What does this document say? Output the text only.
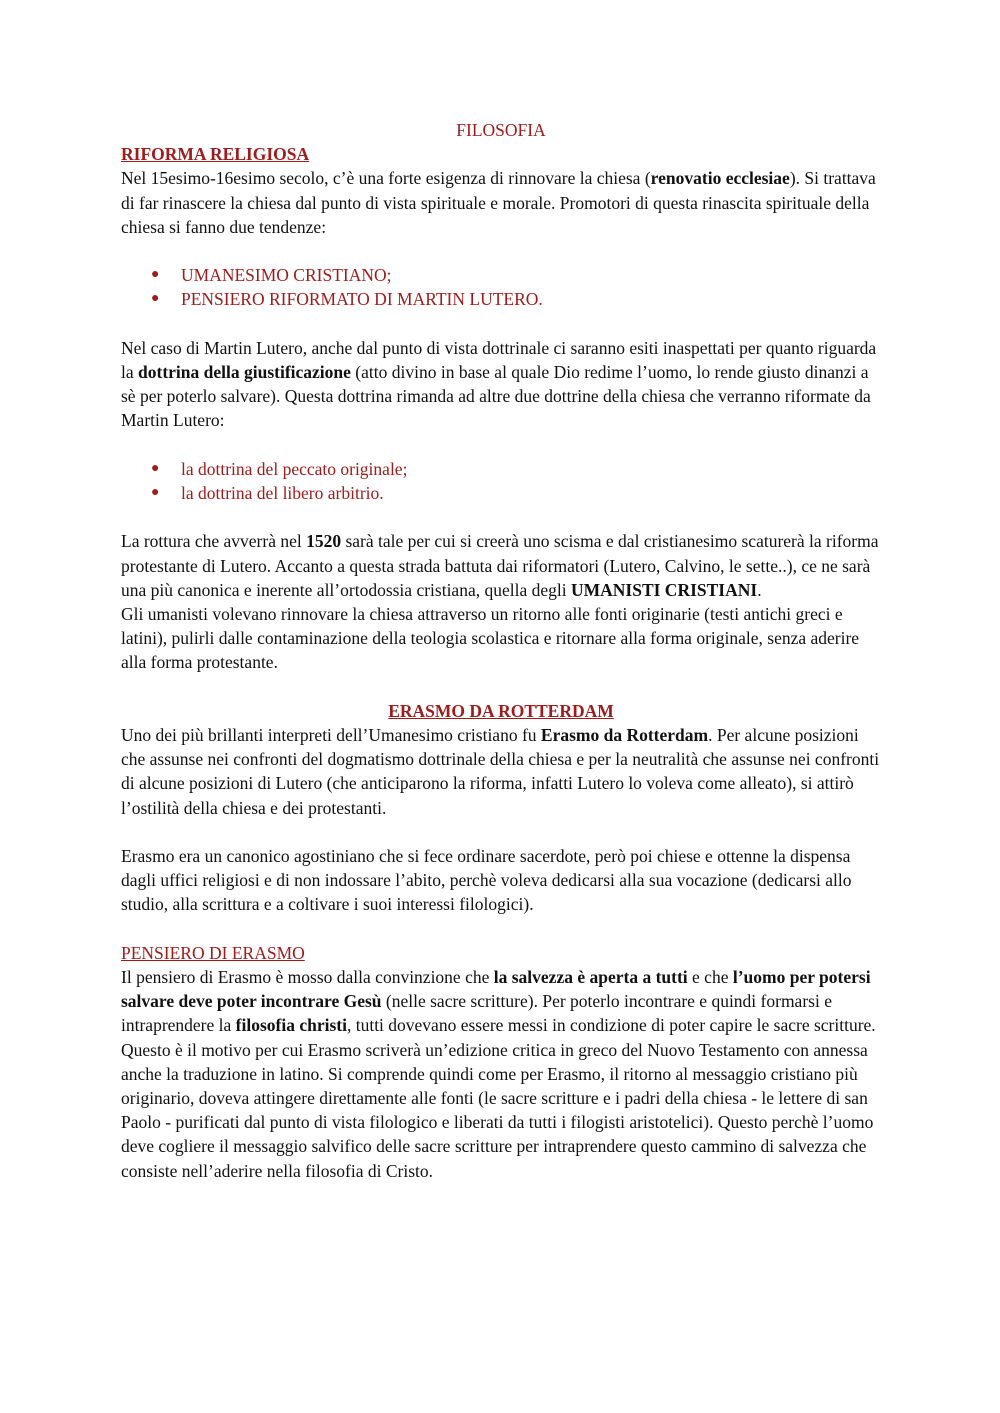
FILOSOFIA

RIFORMA RELIGIOSA

Nel 15esimo-16esimo secolo, c’è una forte esigenza di rinnovare la chiesa (renovatio ecclesiae). Si trattava di far rinascere la chiesa dal punto di vista spirituale e morale. Promotori di questa rinascita spirituale della chiesa si fanno due tendenze:

● UMANESIMO CRISTIANO;
● PENSIERO RIFORMATO DI MARTIN LUTERO.

Nel caso di Martin Lutero, anche dal punto di vista dottrinale ci saranno esiti inaspettati per quanto riguarda la dottrina della giustificazione (atto divino in base al quale Dio redime l’uomo, lo rende giusto dinanzi a sè per poterlo salvare). Questa dottrina rimanda ad altre due dottrine della chiesa che verranno riformate da Martin Lutero:

● la dottrina del peccato originale;
● la dottrina del libero arbitrio.

La rottura che avverrà nel 1520 sarà tale per cui si creerà uno scisma e dal cristianesimo scaturerà la riforma protestante di Lutero. Accanto a questa strada battuta dai riformatori (Lutero, Calvino, le sette..), ce ne sarà una più canonica e inerente all’ortodossia cristiana, quella degli UMANISTI CRISTIANI.

Gli umanisti volevano rinnovare la chiesa attraverso un ritorno alle fonti originarie (testi antichi greci e latini), pulirli dalle contaminazione della teologia scolastica e ritornare alla forma originale, senza aderire alla forma protestante.

ERASMO DA ROTTERDAM

Uno dei più brillanti interpreti dell’Umanesimo cristiano fu Erasmo da Rotterdam. Per alcune posizioni che assunse nei confronti del dogmatismo dottrinale della chiesa e per la neutralità che assunse nei confronti di alcune posizioni di Lutero (che anticiparono la riforma, infatti Lutero lo voleva come alleato), si attirò l’ostilità della chiesa e dei protestanti.

Erasmo era un canonico agostiniano che si fece ordinare sacerdote, però poi chiese e ottenne la dispensa dagli uffici religiosi e di non indossare l’abito, perchè voleva dedicarsi alla sua vocazione (dedicarsi allo studio, alla scrittura e a coltivare i suoi interessi filologici).

PENSIERO DI ERASMO

Il pensiero di Erasmo è mosso dalla convinzione che la salvezza è aperta a tutti e che l’uomo per potersi salvare deve poter incontrare Gesù (nelle sacre scritture). Per poterlo incontrare e quindi formarsi e intraprendere la filosofia christi, tutti dovevano essere messi in condizione di poter capire le sacre scritture. Questo è il motivo per cui Erasmo scriverà un’edizione critica in greco del Nuovo Testamento con annessa anche la traduzione in latino. Si comprende quindi come per Erasmo, il ritorno al messaggio cristiano più originario, doveva attingere direttamente alle fonti (le sacre scritture e i padri della chiesa - le lettere di san Paolo - purificati dal punto di vista filologico e liberati da tutti i filogisti aristotelici). Questo perchè l’uomo deve cogliere il messaggio salvifico delle sacre scritture per intraprendere questo cammino di salvezza che consiste nell’aderire nella filosofia di Cristo.
